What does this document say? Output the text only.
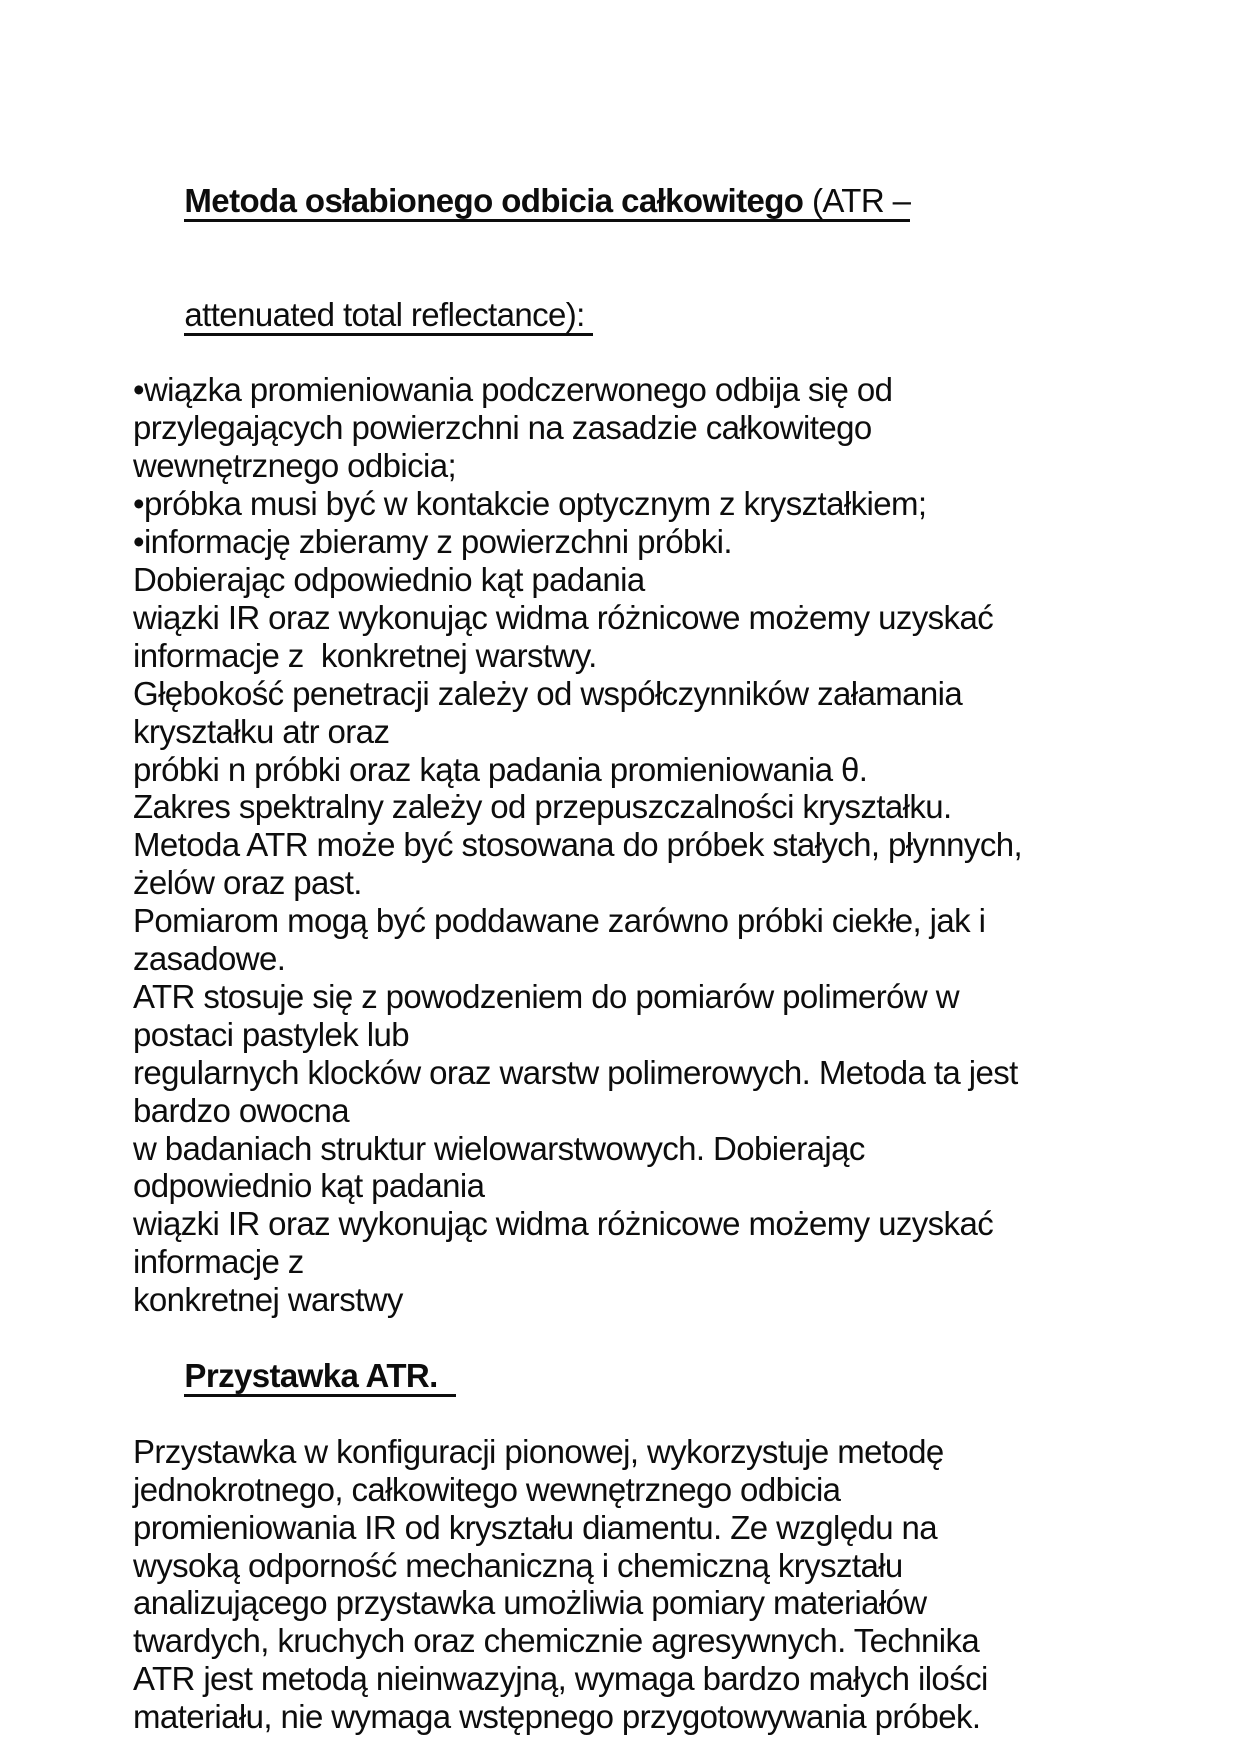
Metoda osłabionego odbicia całkowitego (ATR –

attenuated total reflectance):

•wiązka promieniowania podczerwonego odbija się od
przylegających powierzchni na zasadzie całkowitego
wewnętrznego odbicia;
•próbka musi być w kontakcie optycznym z kryształkiem;
•informację zbieramy z powierzchni próbki.
Dobierając odpowiednio kąt padania
wiązki IR oraz wykonując widma różnicowe możemy uzyskać
informacje z  konkretnej warstwy.
Głębokość penetracji zależy od współczynników załamania
kryształku atr oraz
próbki n próbki oraz kąta padania promieniowania θ.
Zakres spektralny zależy od przepuszczalności kryształku.
Metoda ATR może być stosowana do próbek stałych, płynnych,
żelów oraz past.
Pomiarom mogą być poddawane zarówno próbki ciekłe, jak i
zasadowe.
ATR stosuje się z powodzeniem do pomiarów polimerów w
postaci pastylek lub
regularnych klocków oraz warstw polimerowych. Metoda ta jest
bardzo owocna
w badaniach struktur wielowarstwowych. Dobierając
odpowiednio kąt padania
wiązki IR oraz wykonując widma różnicowe możemy uzyskać
informacje z
konkretnej warstwy

Przystawka ATR.

Przystawka w konfiguracji pionowej, wykorzystuje metodę
jednokrotnego, całkowitego wewnętrznego odbicia
promieniowania IR od kryształu diamentu. Ze względu na
wysoką odporność mechaniczną i chemiczną kryształu
analizującego przystawka umożliwia pomiary materiałów
twardych, kruchych oraz chemicznie agresywnych. Technika
ATR jest metodą nieinwazyjną, wymaga bardzo małych ilości
materiału, nie wymaga wstępnego przygotowywania próbek.
